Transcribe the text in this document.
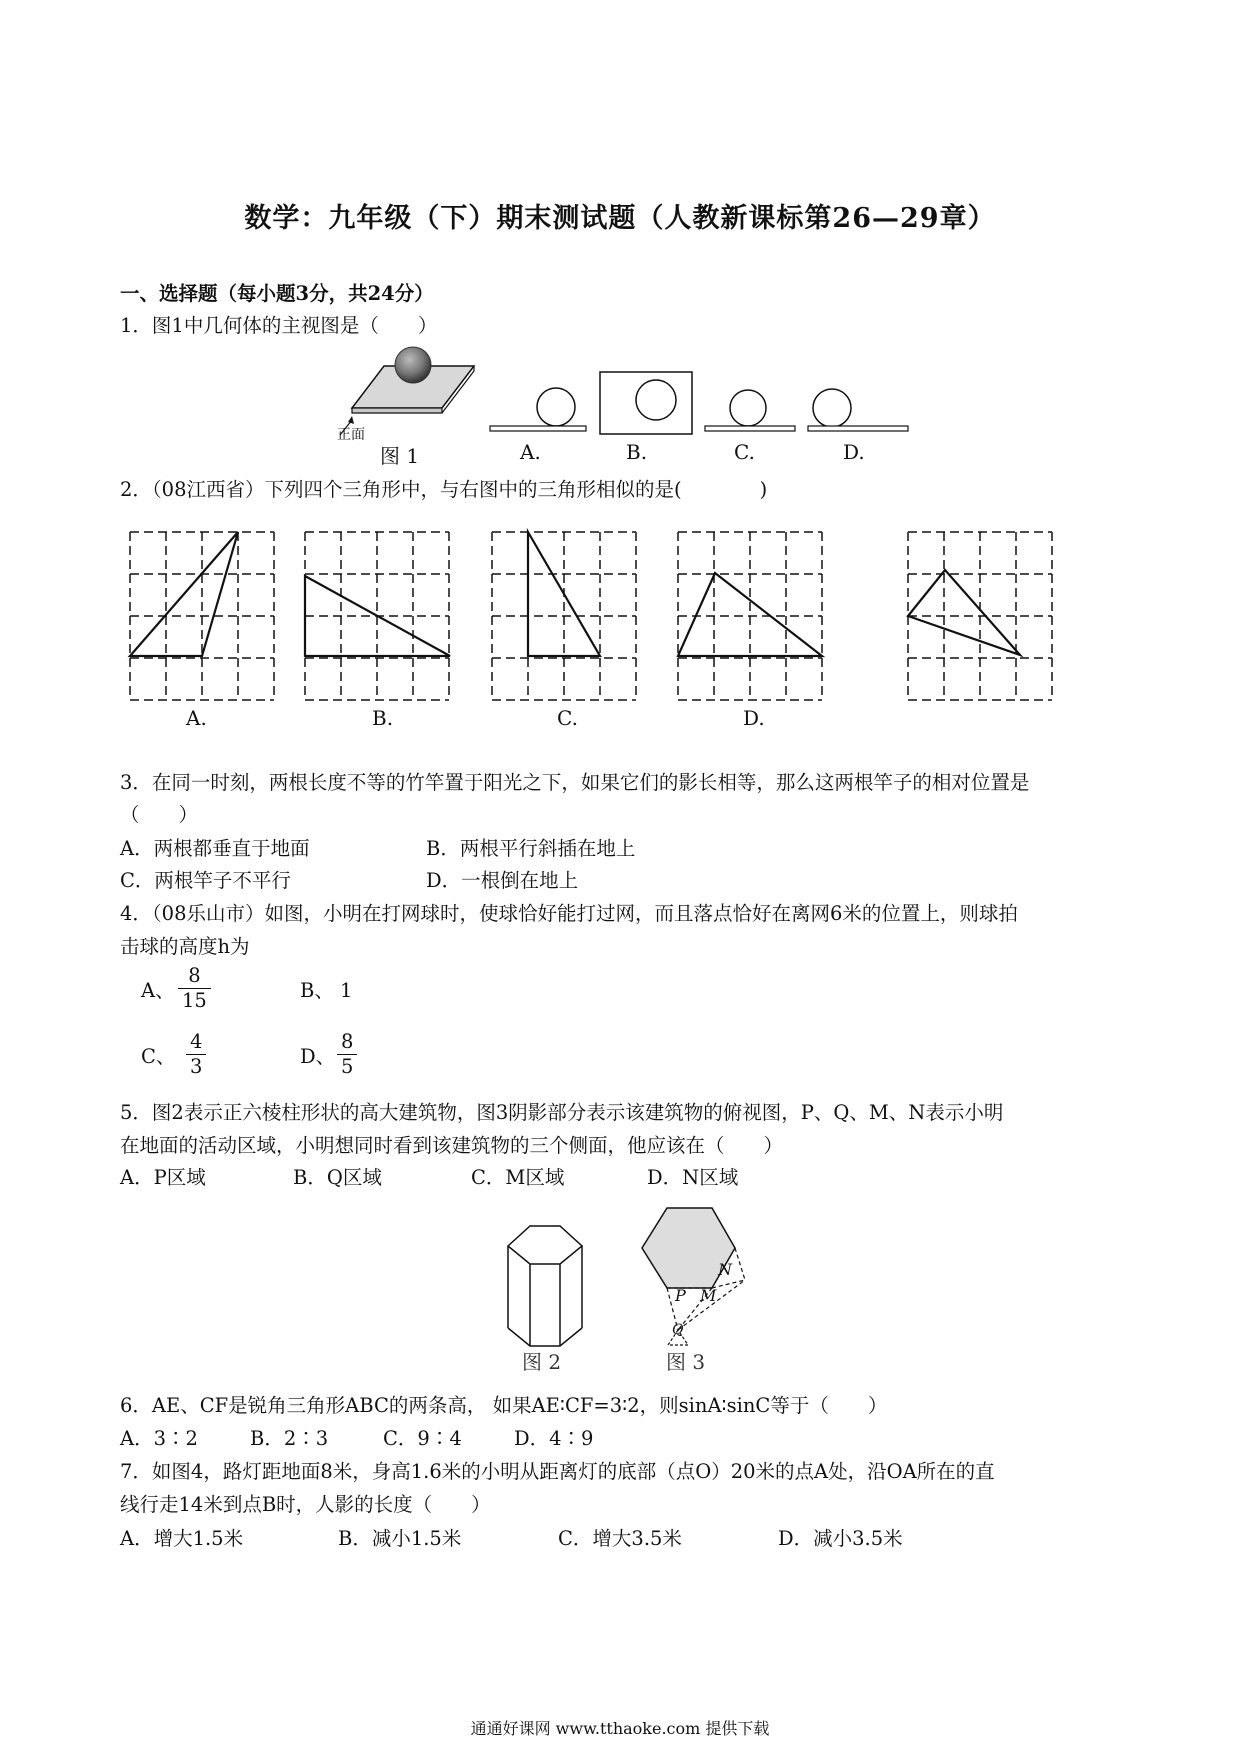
数学：九年级（下）期末测试题（人教新课标第26—29章）
一、选择题（每小题3分，共24分）
1．图1中几何体的主视图是（　　）
正面
图 1	A.	B.	C.	D.
2．（08江西省）下列四个三角形中，与右图中的三角形相似的是(　　　　)
A.	B.	C.	D.
3．在同一时刻，两根长度不等的竹竿置于阳光之下，如果它们的影长相等，那么这两根竿子的相对位置是
（　　）
A．两根都垂直于地面	B．两根平行斜插在地上
C．两根竿子不平行	D．一根倒在地上
4．（08乐山市）如图，小明在打网球时，使球恰好能打过网，而且落点恰好在离网6米的位置上，则球拍
击球的高度h为
A、 $\frac{8}{15}$	B、 1
C、 $\frac{4}{3}$	D、 $\frac{8}{5}$
5．图2表示正六棱柱形状的高大建筑物，图3阴影部分表示该建筑物的俯视图，P、Q、M、N表示小明
在地面的活动区域，小明想同时看到该建筑物的三个侧面，他应该在（　　）
A．P区域	B．Q区域	C．M区域	D．N区域
P M
N
Q
图 2	图 3
6．AE、CF是锐角三角形ABC的两条高， 如果AE∶CF=3∶2，则sinA∶sinC等于（　　）
A．3∶2	B．2∶3	C．9∶4	D．4∶9
7．如图4，路灯距地面8米，身高1.6米的小明从距离灯的底部（点O）20米的点A处，沿OA所在的直
线行走14米到点B时，人影的长度（　　）
A．增大1.5米	B．减小1.5米	C．增大3.5米	D．减小3.5米
通通好课网 www.tthaoke.com 提供下载
